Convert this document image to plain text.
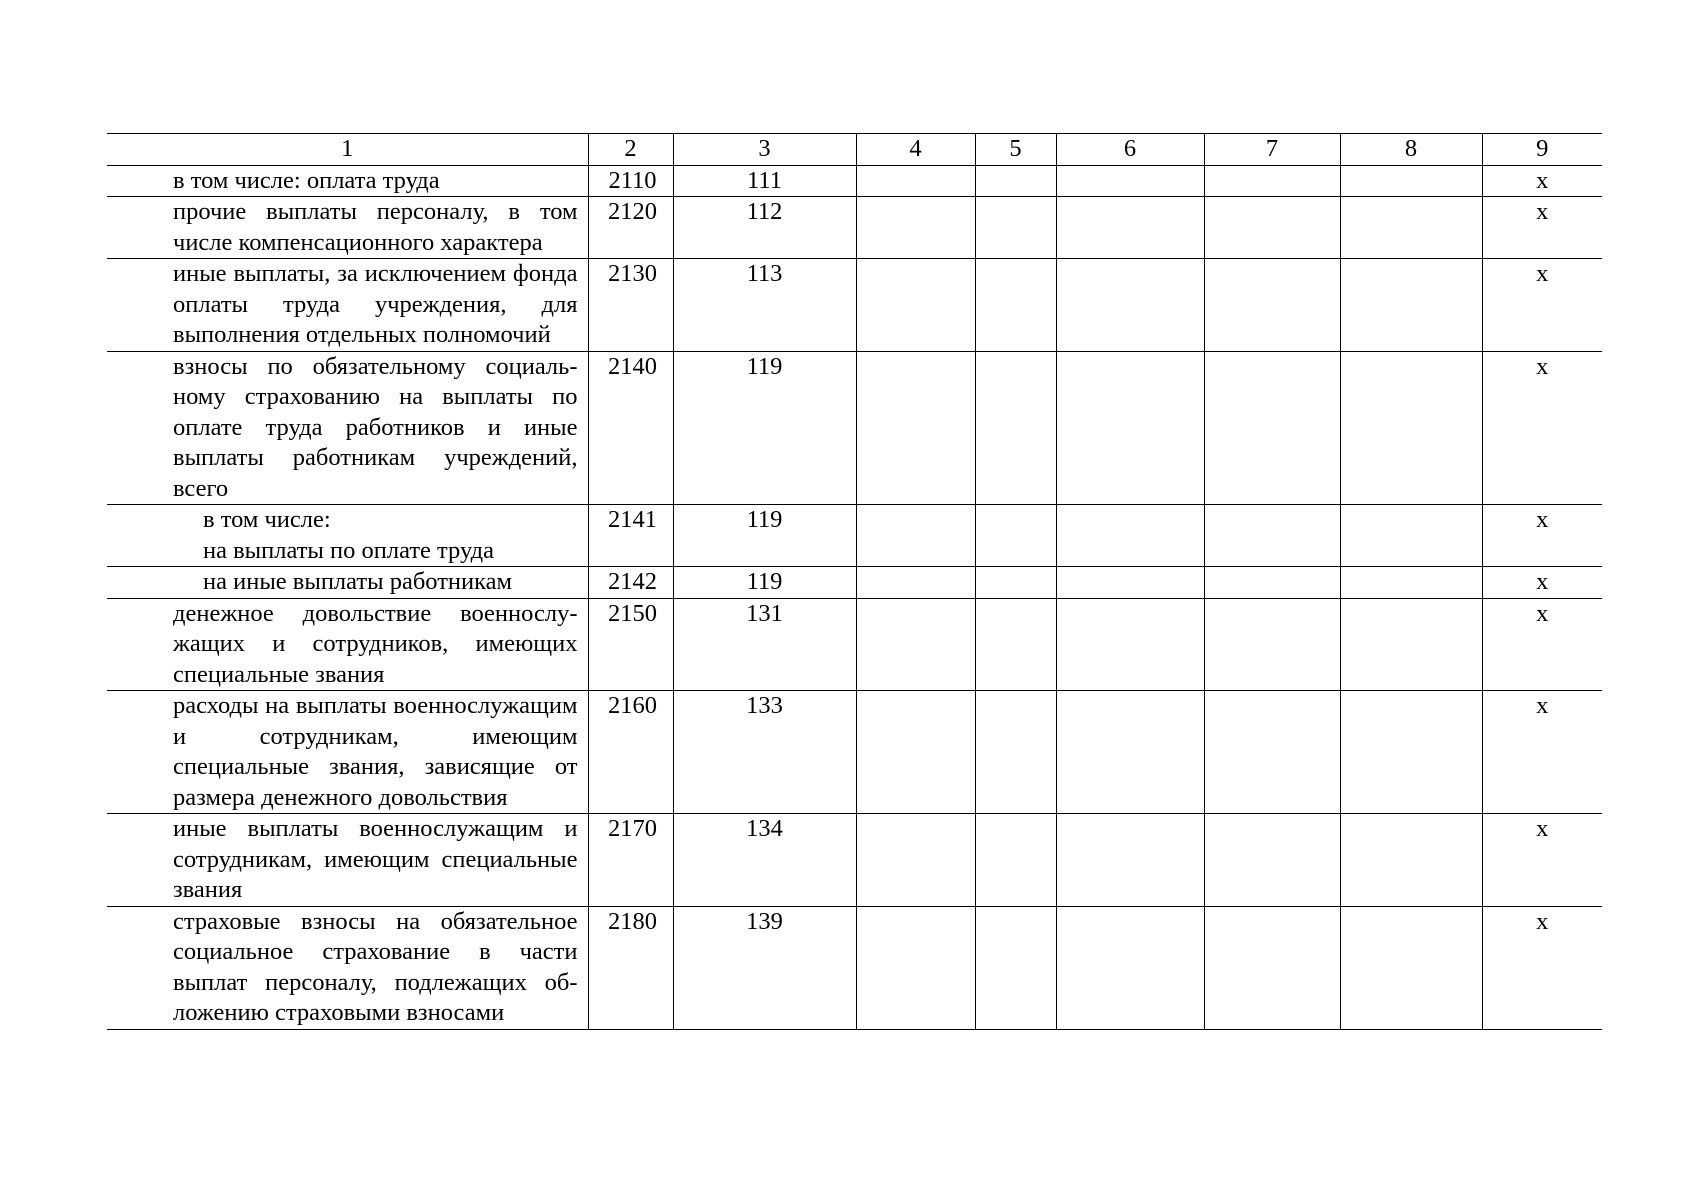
1	2	3	4	5	6	7	8	9
в том числе: оплата труда	2110	111						х
прочие выплаты персоналу, в том числе компенсационного характера	2120	112						х
иные выплаты, за исключением фонда оплаты труда учреждения, для выполнения отдельных полномочий	2130	113						х
взносы по обязательному социальному страхованию на выплаты по оплате труда работников и иные выплаты работникам учреждений, всего	2140	119						х
в том числе:
на выплаты по оплате труда	2141	119						х
на иные выплаты работникам	2142	119						х
денежное довольствие военнослужащих и сотрудников, имеющих специальные звания	2150	131						х
расходы на выплаты военнослужащим и сотрудникам, имеющим специальные звания, зависящие от размера денежного довольствия	2160	133						х
иные выплаты военнослужащим и сотрудникам, имеющим специальные звания	2170	134						х
страховые взносы на обязательное социальное страхование в части выплат персоналу, подлежащих обложению страховыми взносами	2180	139						х
